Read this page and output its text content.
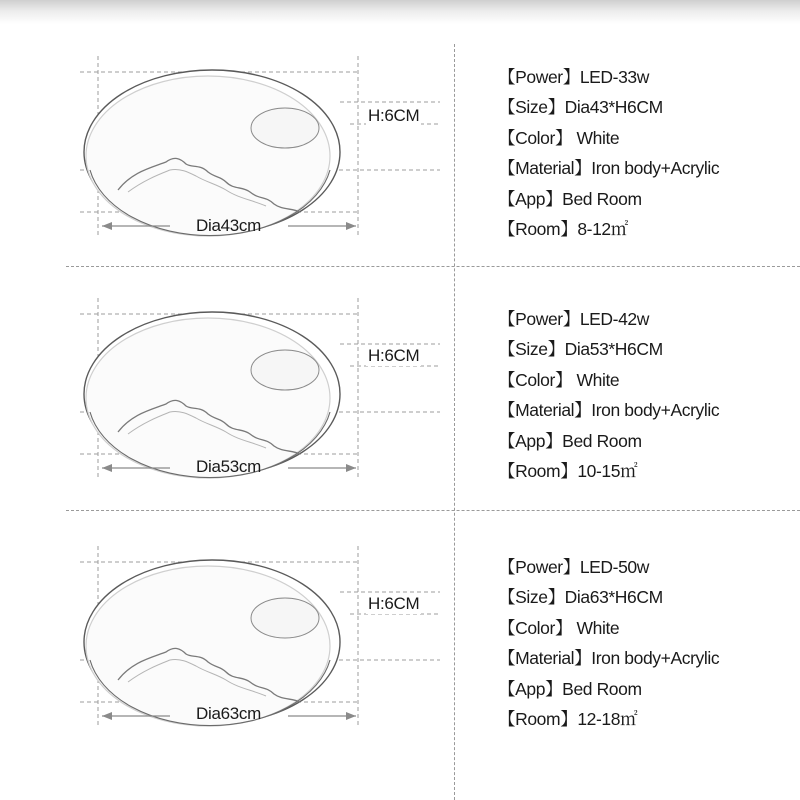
H:6CM
Dia43cm
【Power】LED-33w
【Size】Dia43*H6CM
【Color】 White
【Material】Iron body+Acrylic
【App】Bed Room
【Room】8-12㎡
H:6CM
Dia53cm
【Power】LED-42w
【Size】Dia53*H6CM
【Color】 White
【Material】Iron body+Acrylic
【App】Bed Room
【Room】10-15㎡
H:6CM
Dia63cm
【Power】LED-50w
【Size】Dia63*H6CM
【Color】 White
【Material】Iron body+Acrylic
【App】Bed Room
【Room】12-18㎡
